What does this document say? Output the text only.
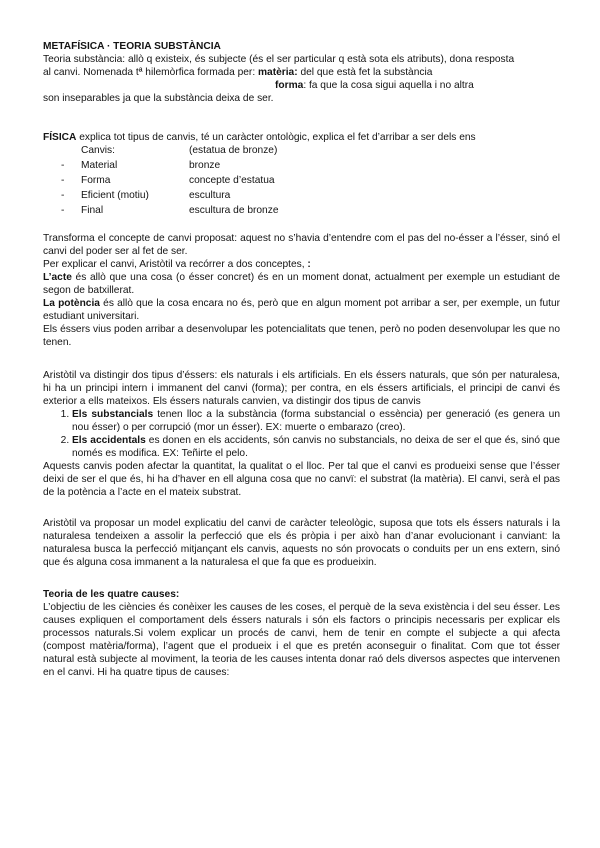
METAFÍSICA · TEORIA SUBSTÀNCIA

Teoria substància: allò q existeix, és subjecte (és el ser particular q està sota els atributs), dona resposta

al canvi. Nomenada tª hilemòrfica formada per: matèria: del que està fet la substància

forma: fa que la cosa sigui aquella i no altra

son inseparables ja que la substància deixa de ser.

FÍSICA explica tot tipus de canvis, té un caràcter ontològic, explica el fet d’arribar a ser dels ens

	Canvis:	(estatua de bronze)
-	Material	bronze
-	Forma	concepte d’estatua
-	Eficient (motiu)	escultura
-	Final	escultura de bronze

Transforma el concepte de canvi proposat: aquest no s’havia d’entendre com el pas del no-ésser a l’ésser, sinó el canvi del poder ser al fet de ser.

Per explicar el canvi, Aristòtil va recórrer a dos conceptes, :

L’acte és allò que una cosa (o ésser concret) és en un moment donat, actualment per exemple un estudiant de segon de batxillerat.

La potència és allò que la cosa encara no és, però que en algun moment pot arribar a ser, per exemple, un futur estudiant universitari.

Els éssers vius poden arribar a desenvolupar les potencialitats que tenen, però no poden desenvolupar les que no tenen.

Aristòtil va distingir dos tipus d’éssers: els naturals i els artificials. En els éssers naturals, que són per naturalesa, hi ha un principi intern i immanent del canvi (forma); per contra, en els éssers artificials, el principi de canvi és exterior a ells mateixos. Els éssers naturals canvien, va distingir dos tipus de canvis

1. Els substancials tenen lloc a la substància (forma substancial o essència) per generació (es genera un nou ésser) o per corrupció (mor un ésser). EX: muerte o embarazo (creo).
2. Els accidentals es donen en els accidents, són canvis no substancials, no deixa de ser el que és, sinó que només es modifica. EX: Teñirte el pelo.

Aquests canvis poden afectar la quantitat, la qualitat o el lloc. Per tal que el canvi es produeixi sense que l’ésser deixi de ser el que és, hi ha d’haver en ell alguna cosa que no canvï: el substrat (la matèria). El canvi, serà el pas de la potència a l’acte en el mateix substrat.

Aristòtil va proposar un model explicatiu del canvi de caràcter teleològic, suposa que tots els éssers naturals i la naturalesa tendeixen a assolir la perfecció que els és pròpia i per això han d’anar evolucionant i canviant: la naturalesa busca la perfecció mitjançant els canvis, aquests no són provocats o conduits per un ens extern, sinó que és alguna cosa immanent a la naturalesa el que fa que es produeixin.

Teoria de les quatre causes:

L’objectiu de les ciències és conèixer les causes de les coses, el perquè de la seva existència i del seu ésser. Les causes expliquen el comportament dels éssers naturals i són els factors o principis necessaris per explicar els processos naturals.Si volem explicar un procés de canvi, hem de tenir en compte el subjecte a qui afecta (compost matèria/forma), l’agent que el produeix i el que es pretén aconseguir o finalitat. Com que tot ésser natural està subjecte al moviment, la teoria de les causes intenta donar raó dels diversos aspectes que intervenen en el canvi. Hi ha quatre tipus de causes:
